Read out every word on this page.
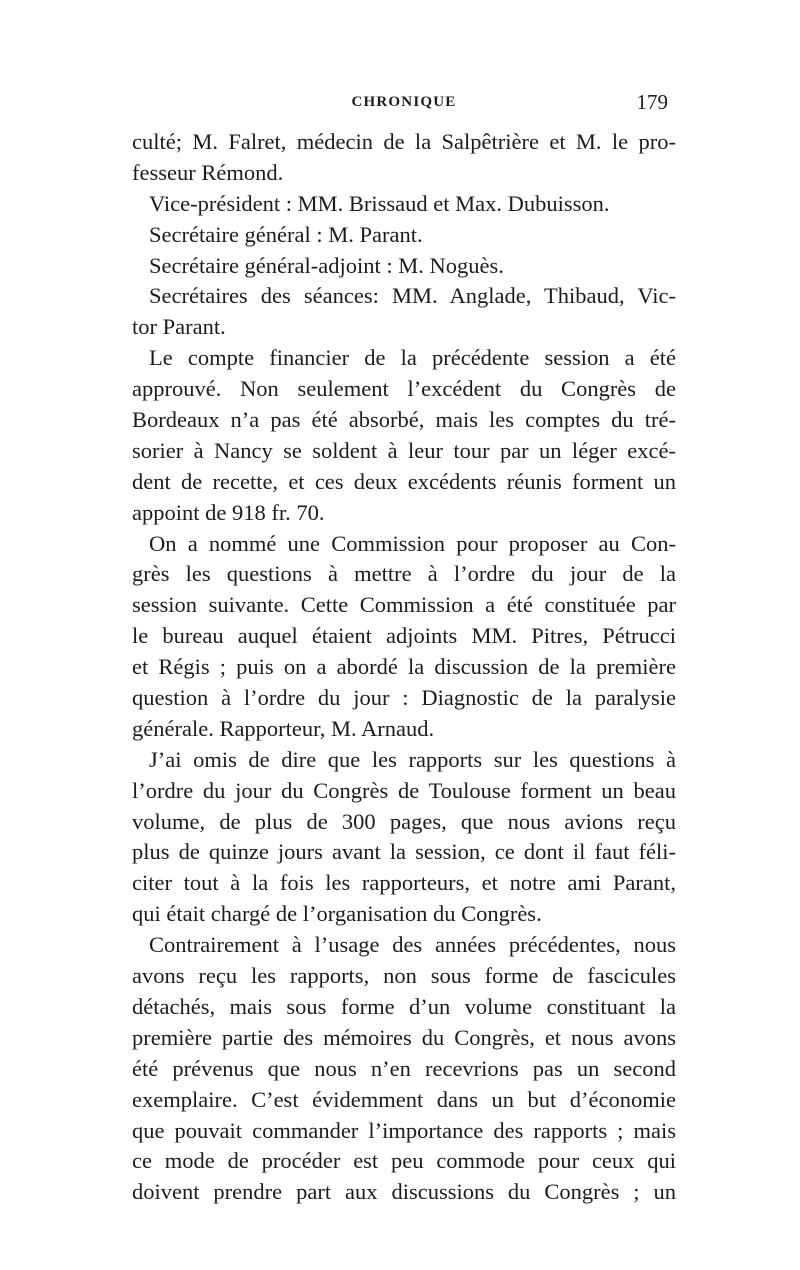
CHRONIQUE	179
culté; M. Falret, médecin de la Salpêtrière et M. le pro-
fesseur Rémond.
Vice-président : MM. Brissaud et Max. Dubuisson.
Secrétaire général : M. Parant.
Secrétaire général-adjoint : M. Noguès.
Secrétaires des séances: MM. Anglade, Thibaud, Vic-
tor Parant.
Le compte financier de la précédente session a été
approuvé. Non seulement l’excédent du Congrès de
Bordeaux n’a pas été absorbé, mais les comptes du tré-
sorier à Nancy se soldent à leur tour par un léger excé-
dent de recette, et ces deux excédents réunis forment un
appoint de 918 fr. 70.
On a nommé une Commission pour proposer au Con-
grès les questions à mettre à l’ordre du jour de la
session suivante. Cette Commission a été constituée par
le bureau auquel étaient adjoints MM. Pitres, Pétrucci
et Régis ; puis on a abordé la discussion de la première
question à l’ordre du jour : Diagnostic de la paralysie
générale. Rapporteur, M. Arnaud.
J’ai omis de dire que les rapports sur les questions à
l’ordre du jour du Congrès de Toulouse forment un beau
volume, de plus de 300 pages, que nous avions reçu
plus de quinze jours avant la session, ce dont il faut féli-
citer tout à la fois les rapporteurs, et notre ami Parant,
qui était chargé de l’organisation du Congrès.
Contrairement à l’usage des années précédentes, nous
avons reçu les rapports, non sous forme de fascicules
détachés, mais sous forme d’un volume constituant la
première partie des mémoires du Congrès, et nous avons
été prévenus que nous n’en recevrions pas un second
exemplaire. C’est évidemment dans un but d’économie
que pouvait commander l’importance des rapports ; mais
ce mode de procéder est peu commode pour ceux qui
doivent prendre part aux discussions du Congrès ; un
